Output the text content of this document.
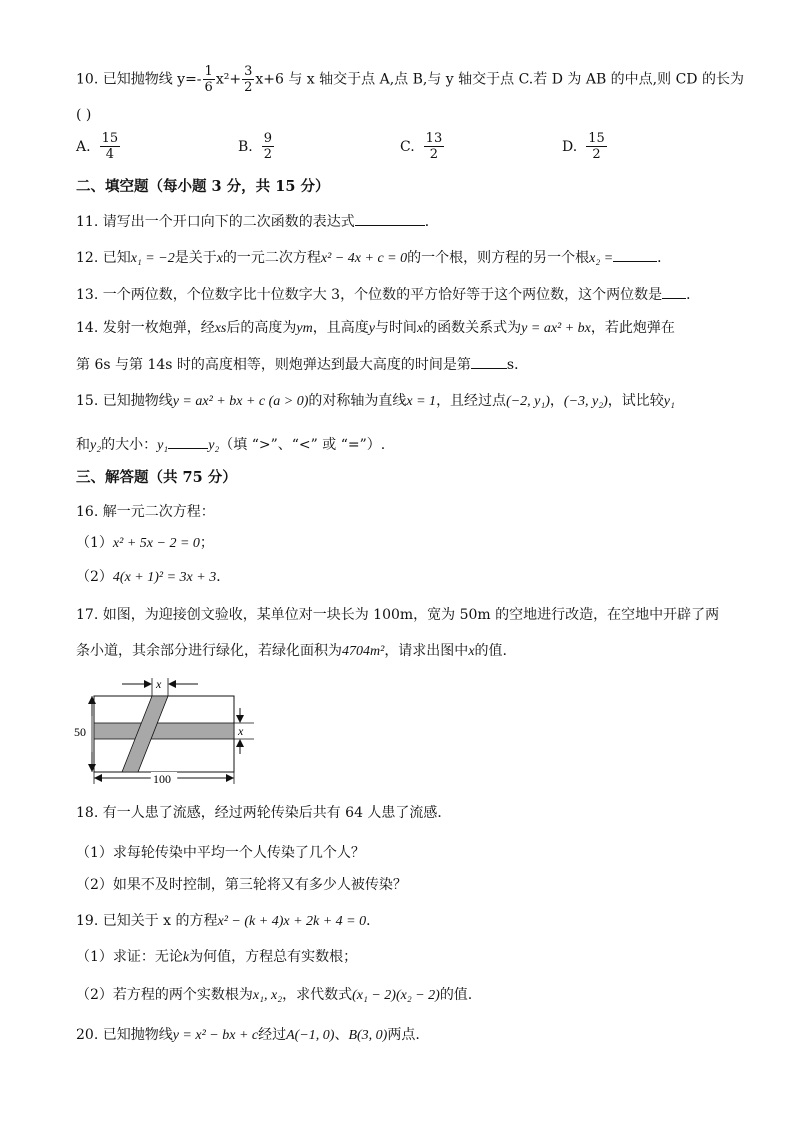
10. 已知抛物线 $y=- \frac{1}{6} x^2+ \frac{3}{2} x+6$ 与 x 轴交于点 A,点 B,与 y 轴交于点 C.若 D 为 AB 的中点,则 CD 的长为
( )
A. $\frac{15}{4}$	B. $\frac{9}{2}$	C. $\frac{13}{2}$	D. $\frac{15}{2}$
二、填空题（每小题 3 分，共 15 分）
11. 请写出一个开口向下的二次函数的表达式	．
12. 已知x₁ = −2是关于x的一元二次方程x² − 4x + c = 0的一个根，则方程的另一个根x₂ =	．
13. 一个两位数，个位数字比十位数字大 3，个位数的平方恰好等于这个两位数，这个两位数是 ．
14. 发射一枚炮弹，经xs后的高度为ym，且高度y与时间x的函数关系式为y = ax² + bx，若此炮弹在
第 6s 与第 14s 时的高度相等，则炮弹达到最大高度的时间是第	s．
15. 已知抛物线y = ax² + bx + c (a > 0)的对称轴为直线x = 1，且经过点(−2, y₁)，(−3, y₂)，试比较y₁
和y₂的大小：y₁	y₂（填 “>”、“<” 或 “=”）.
三、解答题（共 75 分）
16. 解一元二次方程：
（1）x² + 5x − 2 = 0；
（2）4(x + 1)² = 3x + 3．
17. 如图，为迎接创文验收，某单位对一块长为 100m，宽为 50m 的空地进行改造，在空地中开辟了两
条小道，其余部分进行绿化，若绿化面积为4704m²，请求出图中x的值.
x
x
50
100
18. 有一人患了流感，经过两轮传染后共有 64 人患了流感．
（1）求每轮传染中平均一个人传染了几个人？
（2）如果不及时控制，第三轮将又有多少人被传染？
19. 已知关于 x 的方程x² − (k + 4)x + 2k + 4 = 0．
（1）求证：无论k为何值，方程总有实数根；
（2）若方程的两个实数根为x₁, x₂，求代数式(x₁ − 2)(x₂ − 2)的值.
20. 已知抛物线y = x² − bx + c经过A(−1, 0)、B(3, 0)两点.
